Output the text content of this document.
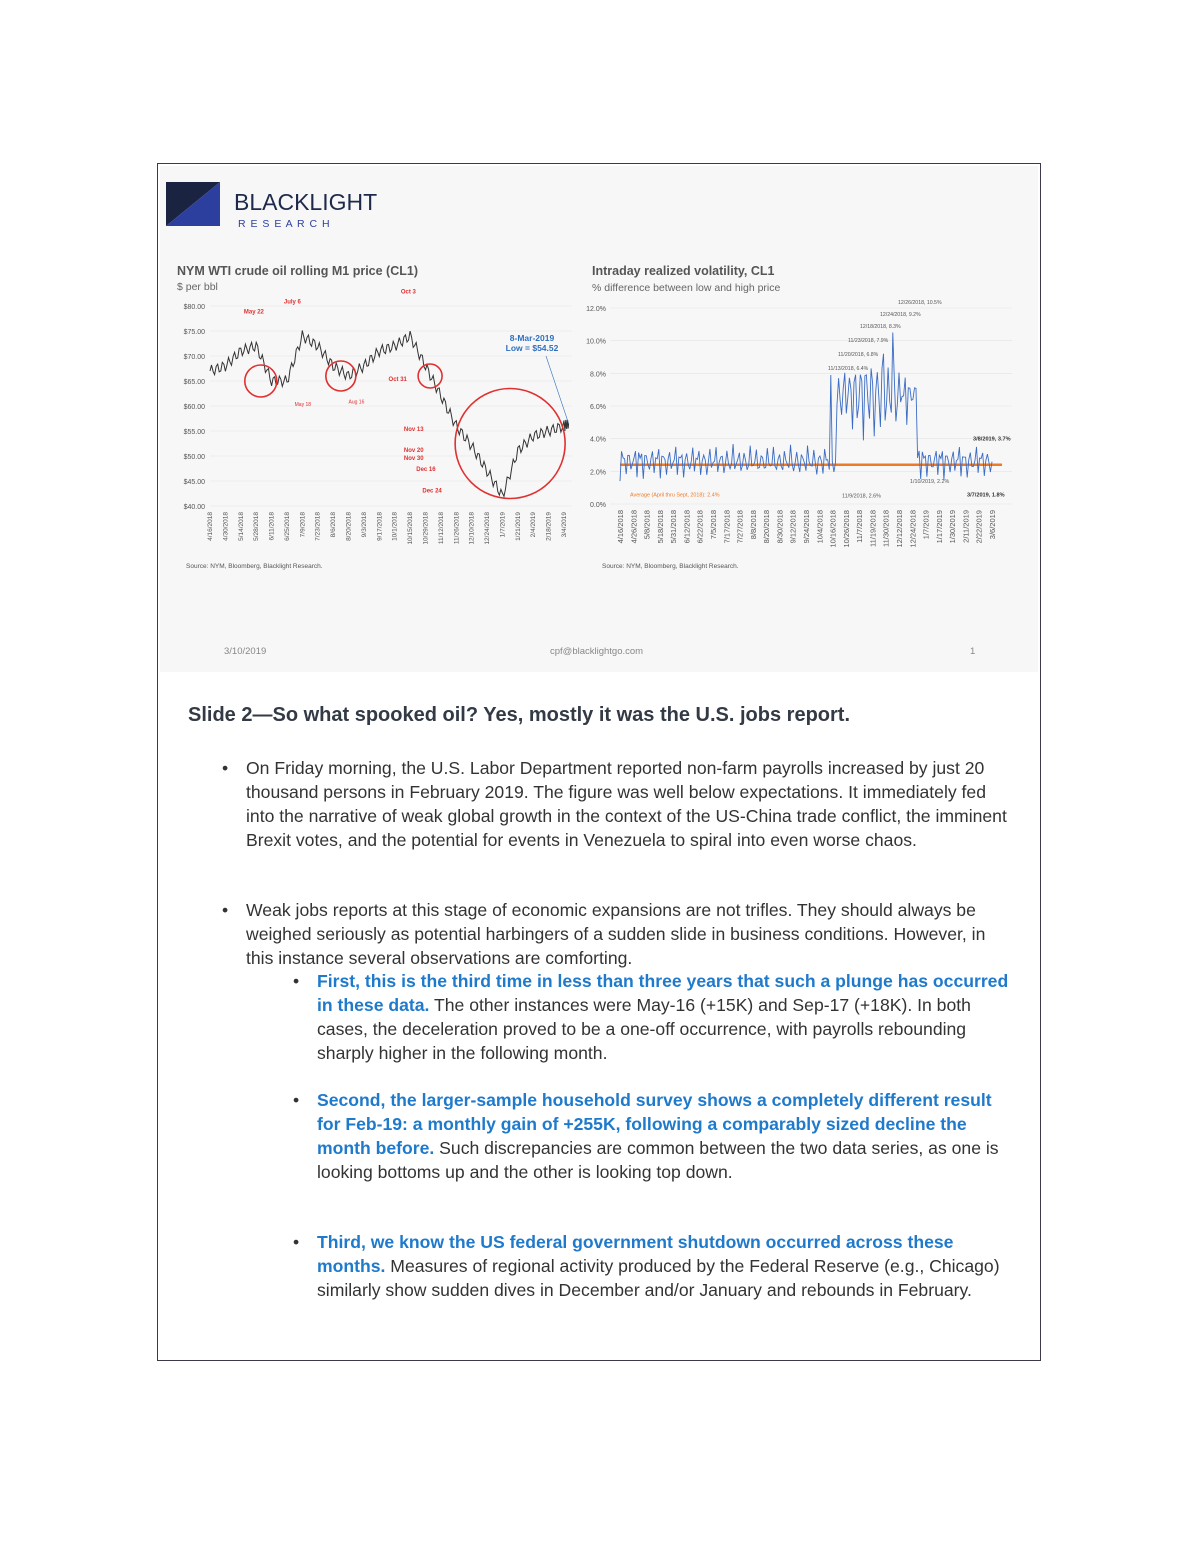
BLACKLIGHT
R E S E A R C H
NYM WTI crude oil rolling M1 price (CL1)
$ per bbl
Intraday realized volatility, CL1
% difference between low and high price
$80.00
$75.00
$70.00
$65.00
$60.00
$55.00
$50.00
$45.00
$40.00
4/16/2018 4/30/2018 5/14/2018 5/28/2018 6/11/2018 6/25/2018 7/9/2018 7/23/2018 8/6/2018 8/20/2018 9/3/2018 9/17/2018 10/1/2018 10/15/2018 10/29/2018 11/12/2018 11/26/2018 12/10/2018 12/24/2018 1/7/2019 1/21/2019 2/4/2019 2/18/2019 3/4/2019
May 22
July 6
Oct 3
Oct 31
Nov 13
Nov 20
Nov 30
Dec 16
Dec 24
May 18	Aug 16
8-Mar-2019
Low = $54.52
12.0%
10.0%
8.0%
6.0%
4.0%
2.0%
0.0%
4/16/2018 4/26/2018 5/8/2018 5/18/2018 5/31/2018 6/12/2018 6/22/2018 7/5/2018 7/17/2018 7/27/2018 8/8/2018 8/20/2018 8/30/2018 9/12/2018 9/24/2018 10/4/2018 10/16/2018 10/26/2018 11/7/2018 11/19/2018 11/30/2018 12/12/2018 12/24/2018 1/7/2019 1/17/2019 1/30/2019 2/11/2019 2/22/2019 3/6/2019
12/26/2018, 10.5%
12/24/2018, 9.2%
12/18/2018, 8.3%
11/23/2018, 7.9%
11/20/2018, 6.8%
11/13/2018, 6.4%
3/8/2019, 3.7%
11/9/2018, 2.6%
1/10/2019, 2.2%
3/7/2019, 1.8%
Average (April thru Sept, 2018): 2.4%
Source: NYM, Bloomberg, Blacklight Research.	Source: NYM, Bloomberg, Blacklight Research.
3/10/2019	cpf@blacklightgo.com	1
Slide 2—So what spooked oil? Yes, mostly it was the U.S. jobs report.
• On Friday morning, the U.S. Labor Department reported non-farm payrolls increased by just 20 thousand persons in February 2019. The figure was well below expectations. It immediately fed into the narrative of weak global growth in the context of the US-China trade conflict, the imminent Brexit votes, and the potential for events in Venezuela to spiral into even worse chaos.
• Weak jobs reports at this stage of economic expansions are not trifles. They should always be weighed seriously as potential harbingers of a sudden slide in business conditions. However, in this instance several observations are comforting.
• First, this is the third time in less than three years that such a plunge has occurred in these data. The other instances were May-16 (+15K) and Sep-17 (+18K). In both cases, the deceleration proved to be a one-off occurrence, with payrolls rebounding sharply higher in the following month.
• Second, the larger-sample household survey shows a completely different result for Feb-19: a monthly gain of +255K, following a comparably sized decline the month before. Such discrepancies are common between the two data series, as one is looking bottoms up and the other is looking top down.
• Third, we know the US federal government shutdown occurred across these months. Measures of regional activity produced by the Federal Reserve (e.g., Chicago) similarly show sudden dives in December and/or January and rebounds in February.
